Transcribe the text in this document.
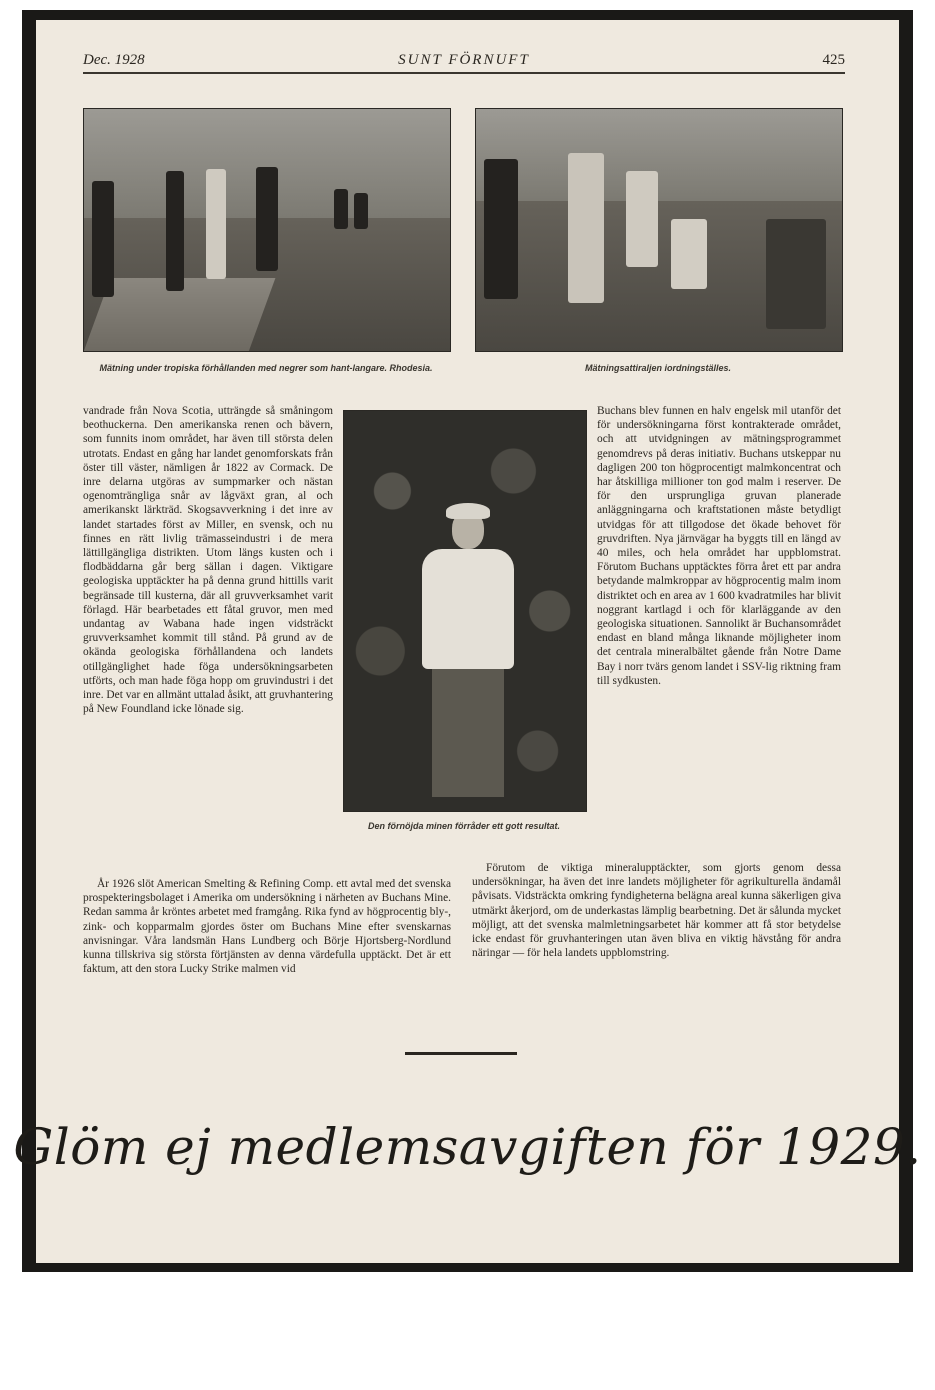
Dec. 1928	SUNT FÖRNUFT	425
Mätning under tropiska förhållanden med negrer som hant-langare. Rhodesia.	Mätningsattiraljen iordningställes.
Den förnöjda minen förråder ett gott resultat.

vandrade från Nova Scotia, utträngde så småningom beothuckerna. Den amerikanska renen och bävern, som funnits inom området, har även till största delen utrotats. Endast en gång har landet genomforskats från öster till väster, nämligen år 1822 av Cormack. De inre delarna utgöras av sumpmarker och nästan ogenomträngliga snår av lågväxt gran, al och amerikanskt lärkträd. Skogsavverkning i det inre av landet startades först av Miller, en svensk, och nu finnes en rätt livlig trämasseindustri i de mera lättillgängliga distrikten. Utom längs kusten och i flodbäddarna går berg sällan i dagen. Viktigare geologiska upptäckter ha på denna grund hittills varit begränsade till kusterna, där all gruvverksamhet varit förlagd. Här bearbetades ett fåtal gruvor, men med undantag av Wabana hade ingen vidsträckt gruvverksamhet kommit till stånd. På grund av de okända geologiska förhållandena och landets otillgänglighet hade föga undersökningsarbeten utförts, och man hade föga hopp om gruvindustri i det inre. Det var en allmänt uttalad åsikt, att gruvhantering på New Foundland icke lönade sig.

År 1926 slöt American Smelting & Refining Comp. ett avtal med det svenska prospekteringsbolaget i Amerika om undersökning i närheten av Buchans Mine. Redan samma år kröntes arbetet med framgång. Rika fynd av högprocentig bly-, zink- och kopparmalm gjordes öster om Buchans Mine efter svenskarnas anvisningar. Våra landsmän Hans Lundberg och Börje Hjortsberg-Nordlund kunna tillskriva sig största förtjänsten av denna värdefulla upptäckt. Det är ett faktum, att den stora Lucky Strike malmen vid

Buchans blev funnen en halv engelsk mil utanför det för undersökningarna först kontrakterade området, och att utvidgningen av mätningsprogrammet genomdrevs på deras initiativ. Buchans utskeppar nu dagligen 200 ton högprocentigt malmkoncentrat och har åtskilliga millioner ton god malm i reserver. De för den ursprungliga gruvan planerade anläggningarna och kraftstationen måste betydligt utvidgas för att tillgodose det ökade behovet för gruvdriften. Nya järnvägar ha byggts till en längd av 40 miles, och hela området har uppblomstrat. Förutom Buchans upptäcktes förra året ett par andra betydande malmkroppar av högprocentig malm inom distriktet och en area av 1 600 kvadratmiles har blivit noggrant kartlagd i och för klarläggande av den geologiska situationen. Sannolikt är Buchansområdet endast en bland många liknande möjligheter inom det centrala mineralbältet gående från Notre Dame Bay i norr tvärs genom landet i SSV-lig riktning fram till sydkusten.

Förutom de viktiga mineralupptäckter, som gjorts genom dessa undersökningar, ha även det inre landets möjligheter för agrikulturella ändamål påvisats. Vidsträckta omkring fyndigheterna belägna areal kunna säkerligen giva utmärkt åkerjord, om de underkastas lämplig bearbetning. Det är sålunda mycket möjligt, att det svenska malmletningsarbetet här kommer att få stor betydelse icke endast för gruvhanteringen utan även bliva en viktig hävstång för andra näringar — för hela landets uppblomstring.

Glöm ej medlemsavgiften för 1929.
